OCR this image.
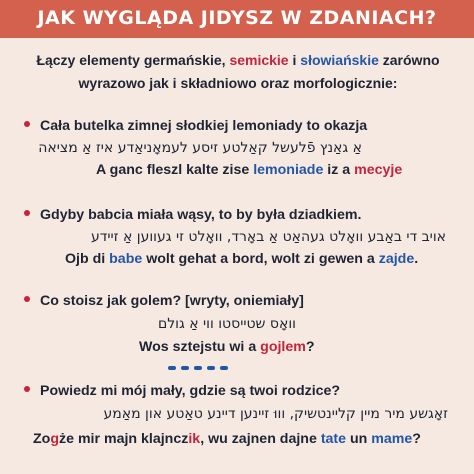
JAK WYGLĄDA JIDYSZ W ZDANIACH?
Łączy elementy germańskie, semickie i słowiańskie zarówno wyrazowo jak i składniowo oraz morfologicznie:
Cała butelka zimnej słodkiej lemoniady to okazja
אַ גאַנץ פֿלעשל קאַלטע זיסע לעמאָניאַדע איז אַ מציאה
A ganc fleszl kalte zise lemoniade iz a mecyje
Gdyby babcia miała wąsy, to by była dziadkiem.
אויב די באַבע וואָלט געהאַט אַ באָרד, וואָלט זי געווען אַ זיידע
Ojb di babe wolt gehat a bord, wolt zi gewen a zajde.
Co stoisz jak golem? [wryty, oniemiały]
וואָס שטייסטו ווי אַ גולם
Wos sztejstu wi a gojlem?
Powiedz mi mój mały, gdzie są twoi rodzice?
זאָגשע מיר מיין קליינטשיק, וווּ זיינען דיינע טאַטע און מאַמע
Zogże mir majn klajnczik, wu zajnen dajne tate un mame?
